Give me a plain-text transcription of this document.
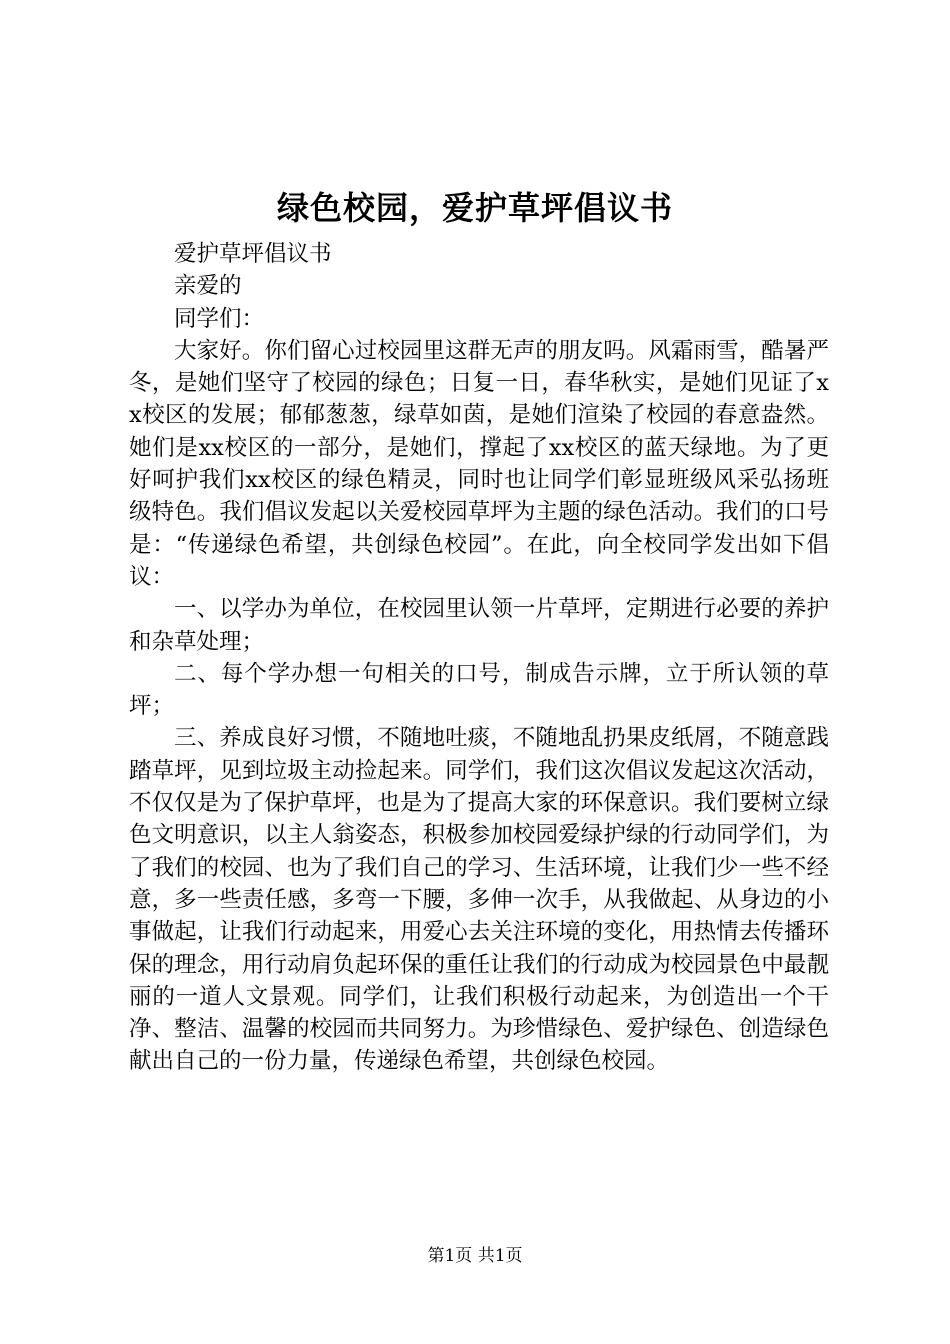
绿色校园，爱护草坪倡议书

爱护草坪倡议书

亲爱的

同学们：

大家好。你们留心过校园里这群无声的朋友吗。风霜雨雪，酷暑严冬，是她们坚守了校园的绿色；日复一日，春华秋实，是她们见证了xx校区的发展；郁郁葱葱，绿草如茵，是她们渲染了校园的春意盎然。她们是xx校区的一部分，是她们，撑起了xx校区的蓝天绿地。为了更好呵护我们xx校区的绿色精灵，同时也让同学们彰显班级风采弘扬班级特色。我们倡议发起以关爱校园草坪为主题的绿色活动。我们的口号是：“传递绿色希望，共创绿色校园”。在此，向全校同学发出如下倡议：

一、以学办为单位，在校园里认领一片草坪，定期进行必要的养护和杂草处理；

二、每个学办想一句相关的口号，制成告示牌，立于所认领的草坪；

三、养成良好习惯，不随地吐痰，不随地乱扔果皮纸屑，不随意践踏草坪，见到垃圾主动捡起来。同学们，我们这次倡议发起这次活动，不仅仅是为了保护草坪，也是为了提高大家的环保意识。我们要树立绿色文明意识，以主人翁姿态，积极参加校园爱绿护绿的行动同学们，为了我们的校园、也为了我们自己的学习、生活环境，让我们少一些不经意，多一些责任感，多弯一下腰，多伸一次手，从我做起、从身边的小事做起，让我们行动起来，用爱心去关注环境的变化，用热情去传播环保的理念，用行动肩负起环保的重任让我们的行动成为校园景色中最靓丽的一道人文景观。同学们，让我们积极行动起来，为创造出一个干净、整洁、温馨的校园而共同努力。为珍惜绿色、爱护绿色、创造绿色献出自己的一份力量，传递绿色希望，共创绿色校园。

第1页 共1页
